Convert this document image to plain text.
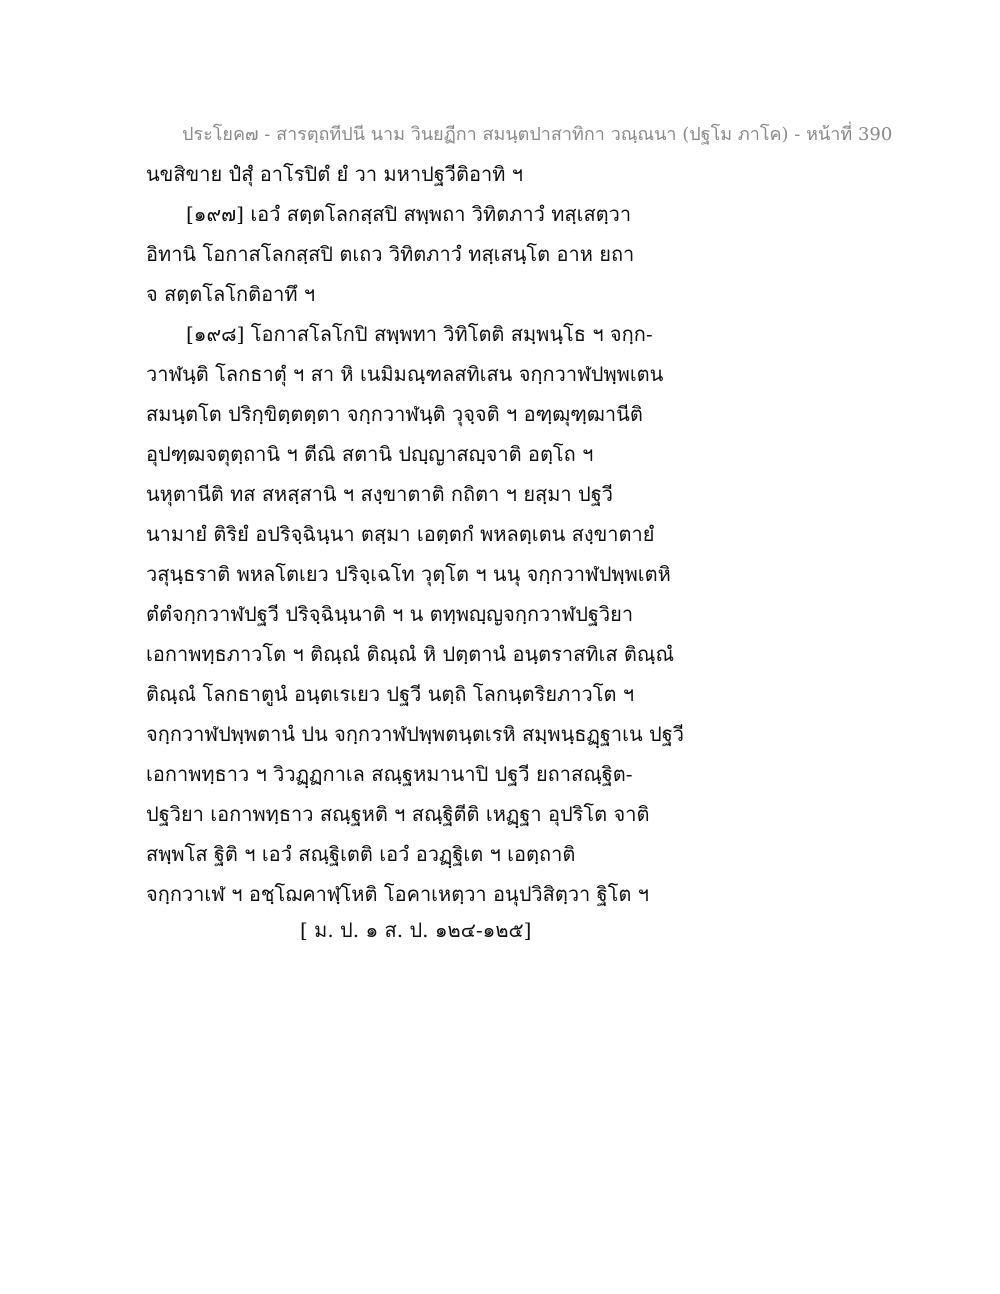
ประโยค๗ - สารตฺถทีปนี นาม วินยฏีกา สมนฺตปาสาทิกา วณฺณนา (ปฐโม ภาโค) - หน้าที่ 390
นขสิขาย ปํสุํ อาโรปิตํ ยํ วา มหาปฐวีติอาทิ ฯ
[๑๙๗] เอวํ สตฺตโลกสฺสปิ สพฺพถา วิทิตภาวํ ทสฺเสตฺวา
อิทานิ โอกาสโลกสฺสปิ ตเถว วิทิตภาวํ ทสฺเสนฺโต อาห ยถา
จ สตฺตโลโกติอาทึ ฯ
[๑๙๘] โอกาสโลโกปิ สพฺพทา วิทิโตติ สมฺพนฺโธ ฯ จกฺก-
วาฬนฺติ โลกธาตุํ ฯ สา หิ เนมิมณฺฑลสทิเสน จกฺกวาฬปพฺพเตน
สมนฺตโต ปริกฺขิตฺตตฺตา จกฺกวาฬนฺติ วุจฺจติ ฯ อฑฺฒุฑฺฒานีติ
อุปฑฺฒจตุตฺถานิ ฯ ตีณิ สตานิ ปญฺญาสญฺจาติ อตฺโถ ฯ
นหุตานีติ ทส สหสฺสานิ ฯ สงฺขาตาติ กถิตา ฯ ยสฺมา ปฐวี
นามายํ ติริยํ อปริจฺฉินฺนา ตสฺมา เอตฺตกํ พหลตฺเตน สงฺขาตายํ
วสุนฺธราติ พหลโตเยว ปริจฺเฉโท วุตฺโต ฯ นนุ จกฺกวาฬปพฺพเตหิ
ตํตํจกฺกวาฬปฐวี ปริจฺฉินฺนาติ ฯ น ตทฺพญฺญจกฺกวาฬปฐวิยา
เอกาพทฺธภาวโต ฯ ติณฺณํ ติณฺณํ หิ ปตฺตานํ อนฺตราสทิเส ติณฺณํ
ติณฺณํ โลกธาตูนํ อนฺตเรเยว ปฐวี นตฺถิ โลกนฺตริยภาวโต ฯ
จกฺกวาฬปพฺพตานํ ปน จกฺกวาฬปพฺพตนฺตเรหิ สมฺพนฺธฏฺฐาเน ปฐวี
เอกาพทฺธาว ฯ วิวฏฺฏกาเล สณฺฐหมานาปิ ปฐวี ยถาสณฺฐิต-
ปฐวิยา เอกาพทฺธาว สณฺฐหติ ฯ สณฺฐิตีติ เหฏฺฐา อุปริโต จาติ
สพฺพโส ฐิติ ฯ เอวํ สณฺฐิเตติ เอวํ อวฏฺฐิเต ฯ เอตฺถาติ
จกฺกวาเฬ ฯ อชฺโฌคาฬฺโหติ โอคาเหตฺวา อนุปวิสิตฺวา ฐิโต ฯ
[ ม. ป. ๑ ส. ป. ๑๒๔-๑๒๕]
